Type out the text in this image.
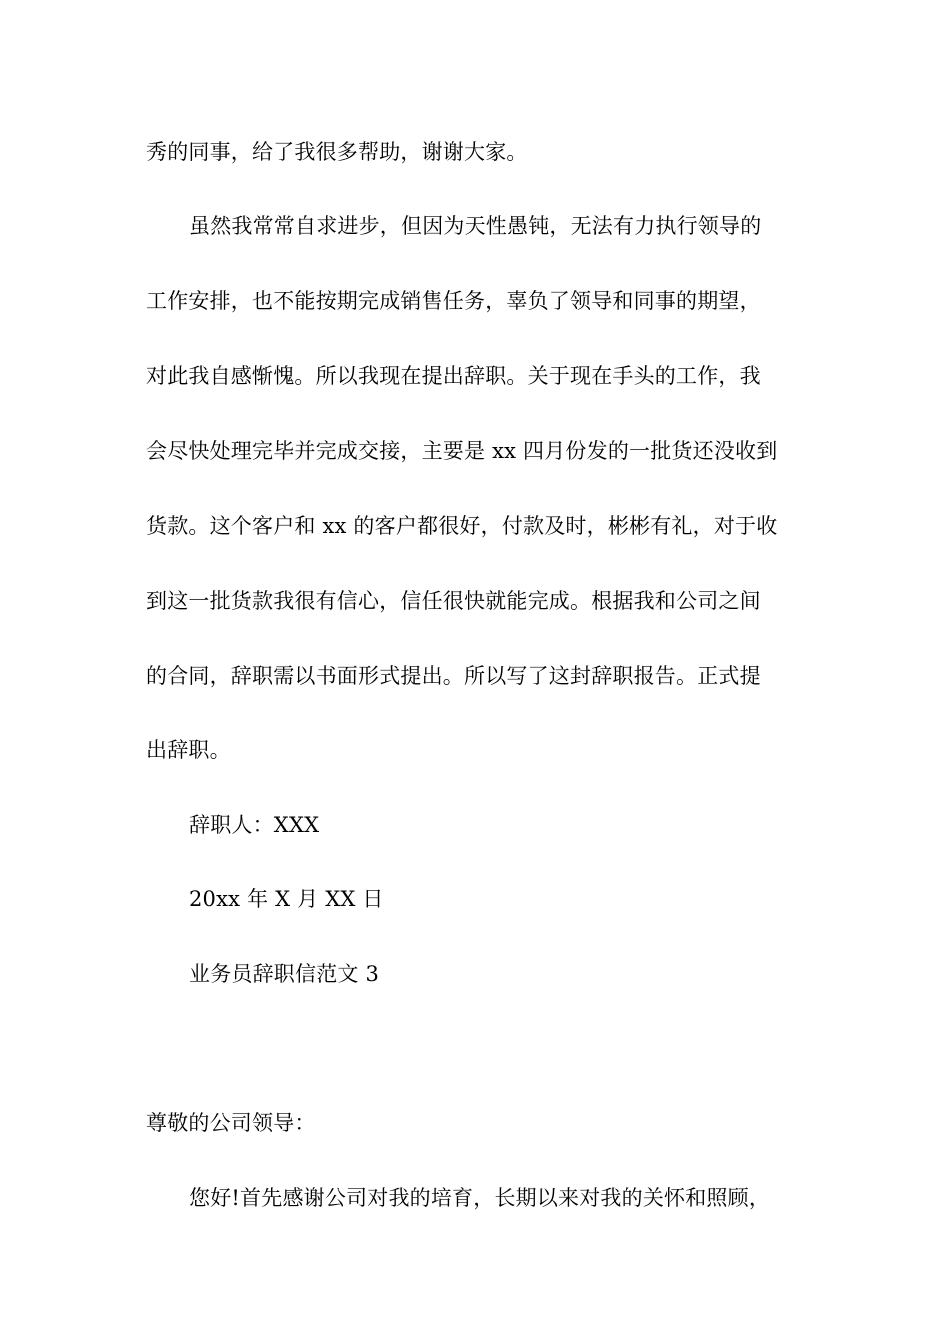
秀的同事，给了我很多帮助，谢谢大家。
虽然我常常自求进步，但因为天性愚钝，无法有力执行领导的
工作安排，也不能按期完成销售任务，辜负了领导和同事的期望，
对此我自感惭愧。所以我现在提出辞职。关于现在手头的工作，我
会尽快处理完毕并完成交接，主要是 xx 四月份发的一批货还没收到
货款。这个客户和 xx 的客户都很好，付款及时，彬彬有礼，对于收
到这一批货款我很有信心，信任很快就能完成。根据我和公司之间
的合同，辞职需以书面形式提出。所以写了这封辞职报告。正式提
出辞职。
辞职人：XXX
20xx 年 X 月 XX 日
业务员辞职信范文 3
尊敬的公司领导：
您好!首先感谢公司对我的培育，长期以来对我的关怀和照顾，
